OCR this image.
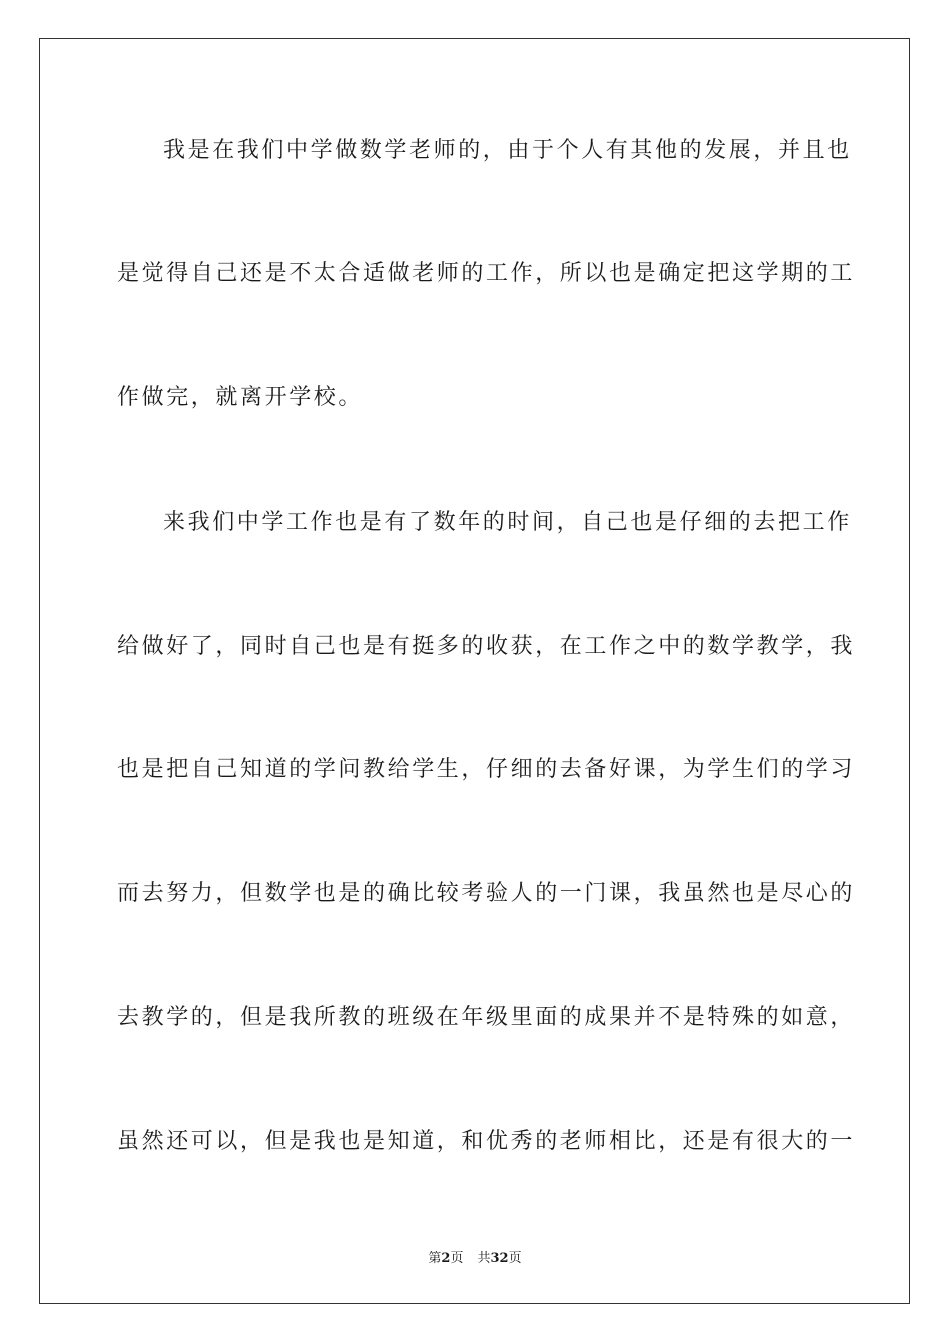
我是在我们中学做数学老师的，由于个人有其他的发展，并且也
是觉得自己还是不太合适做老师的工作，所以也是确定把这学期的工
作做完，就离开学校。
来我们中学工作也是有了数年的时间，自己也是仔细的去把工作
给做好了，同时自己也是有挺多的收获，在工作之中的数学教学，我
也是把自己知道的学问教给学生，仔细的去备好课，为学生们的学习
而去努力，但数学也是的确比较考验人的一门课，我虽然也是尽心的
去教学的，但是我所教的班级在年级里面的成果并不是特殊的如意，
虽然还可以，但是我也是知道，和优秀的老师相比，还是有很大的一
第2页 共32页
